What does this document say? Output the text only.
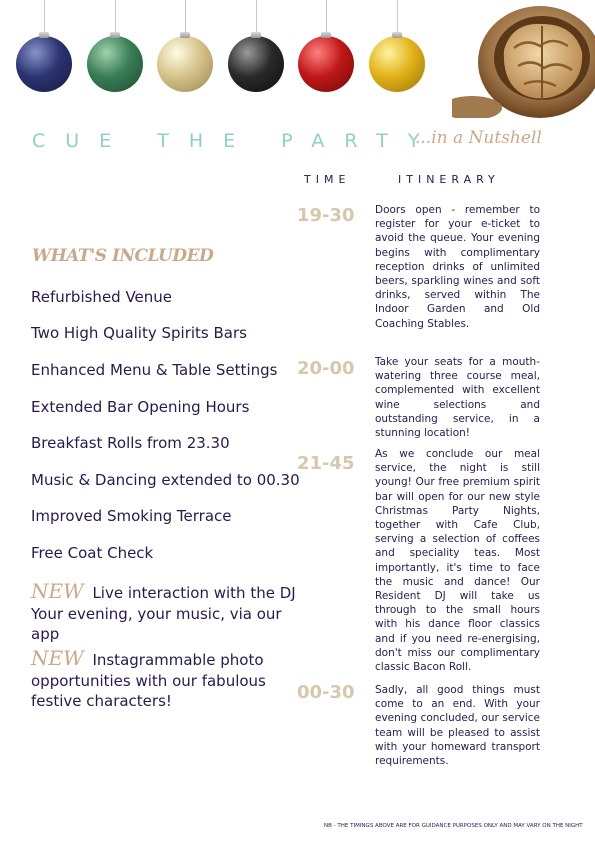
CUE THE PARTY
...in a Nutshell
TIME	ITINERARY
WHAT'S INCLUDED
Refurbished Venue
Two High Quality Spirits Bars
Enhanced Menu & Table Settings
Extended Bar Opening Hours
Breakfast Rolls from 23.30
Music & Dancing extended to 00.30
Improved Smoking Terrace
Free Coat Check
NEW Live interaction with the DJ Your evening, your music, via our app
NEW Instagrammable photo opportunities with our fabulous festive characters!
19-30 Doors open - remember to register for your e-ticket to avoid the queue. Your evening begins with complimentary reception drinks of unlimited beers, sparkling wines and soft drinks, served within The Indoor Garden and Old Coaching Stables.
20-00 Take your seats for a mouth-watering three course meal, complemented with excellent wine selections and outstanding service, in a stunning location!
21-45 As we conclude our meal service, the night is still young! Our free premium spirit bar will open for our new style Christmas Party Nights, together with Cafe Club, serving a selection of coffees and speciality teas. Most importantly, it's time to face the music and dance! Our Resident DJ will take us through to the small hours with his dance floor classics and if you need re-energising, don't miss our complimentary classic Bacon Roll.
00-30 Sadly, all good things must come to an end. With your evening concluded, our service team will be pleased to assist with your homeward transport requirements.
NB - THE TIMINGS ABOVE ARE FOR GUIDANCE PURPOSES ONLY AND MAY VARY ON THE NIGHT
